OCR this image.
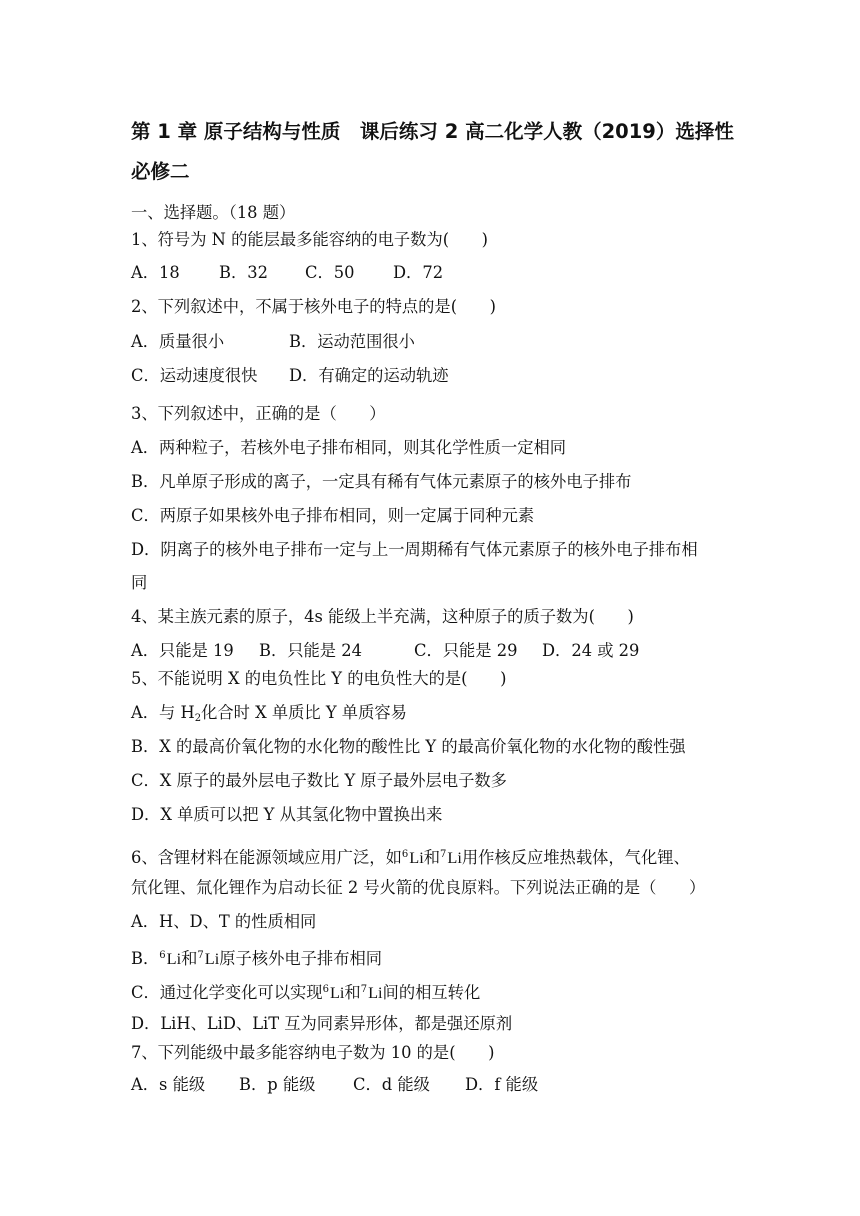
第 1 章 原子结构与性质　课后练习 2 高二化学人教（2019）选择性必修二
一、选择题。（18 题）
1、符号为 N 的能层最多能容纳的电子数为(　　)
A．18 B．32 C．50 D．72
2、下列叙述中，不属于核外电子的特点的是(　　)
A．质量很小	B．运动范围很小
C．运动速度很快 D．有确定的运动轨迹
3、下列叙述中，正确的是（　　）
A．两种粒子，若核外电子排布相同，则其化学性质一定相同
B．凡单原子形成的离子，一定具有稀有气体元素原子的核外电子排布
C．两原子如果核外电子排布相同，则一定属于同种元素
D．阴离子的核外电子排布一定与上一周期稀有气体元素原子的核外电子排布相
同
4、某主族元素的原子，4s 能级上半充满，这种原子的质子数为(　　)
A．只能是 19 B．只能是 24	C．只能是 29 D．24 或 29
5、不能说明 X 的电负性比 Y 的电负性大的是(　　)
A．与 $H_2$化合时 X 单质比 Y 单质容易
B．X 的最高价氧化物的水化物的酸性比 Y 的最高价氧化物的水化物的酸性强
C．X 原子的最外层电子数比 Y 原子最外层电子数多
D．X 单质可以把 Y 从其氢化物中置换出来
6、含锂材料在能源领域应用广泛，如$^6$Li和$^7$Li用作核反应堆热载体，气化锂、
氘化锂、氚化锂作为启动长征 2 号火箭的优良原料。下列说法正确的是（　　）
A．H、D、T 的性质相同
B．$^6$Li和$^7$Li原子核外电子排布相同
C．通过化学变化可以实现$^6$Li和$^7$Li间的相互转化
D．LiH、LiD、LiT 互为同素异形体，都是强还原剂
7、下列能级中最多能容纳电子数为 10 的是(　　)
A．s 能级 B．p 能级 C．d 能级 D．f 能级
